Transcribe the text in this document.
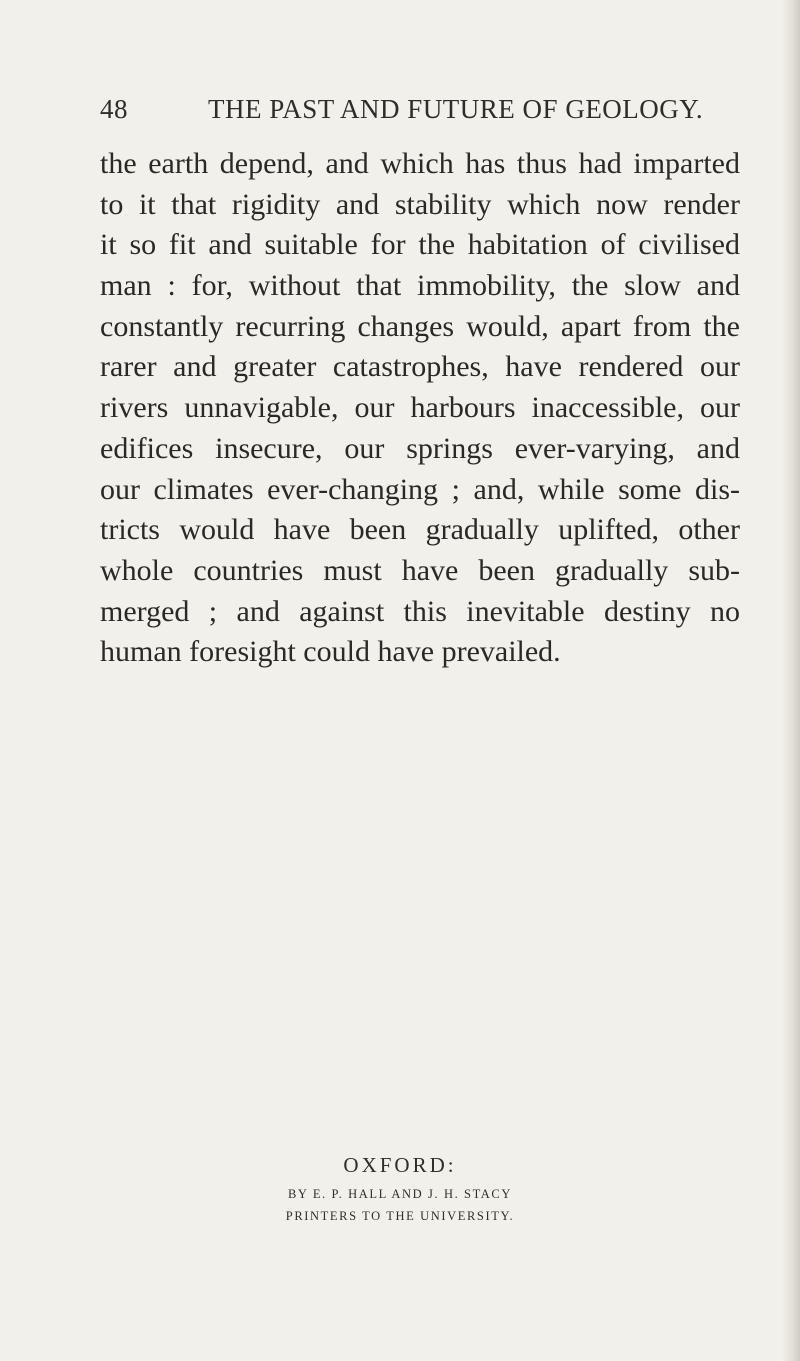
48	THE PAST AND FUTURE OF GEOLOGY.
the earth depend, and which has thus had imparted
to it that rigidity and stability which now render
it so fit and suitable for the habitation of civilised
man : for, without that immobility, the slow and
constantly recurring changes would, apart from the
rarer and greater catastrophes, have rendered our
rivers unnavigable, our harbours inaccessible, our
edifices insecure, our springs ever-varying, and
our climates ever-changing ; and, while some dis-
tricts would have been gradually uplifted, other
whole countries must have been gradually sub-
merged ; and against this inevitable destiny no
human foresight could have prevailed.
OXFORD:
BY E. P. HALL AND J. H. STACY
PRINTERS TO THE UNIVERSITY.
